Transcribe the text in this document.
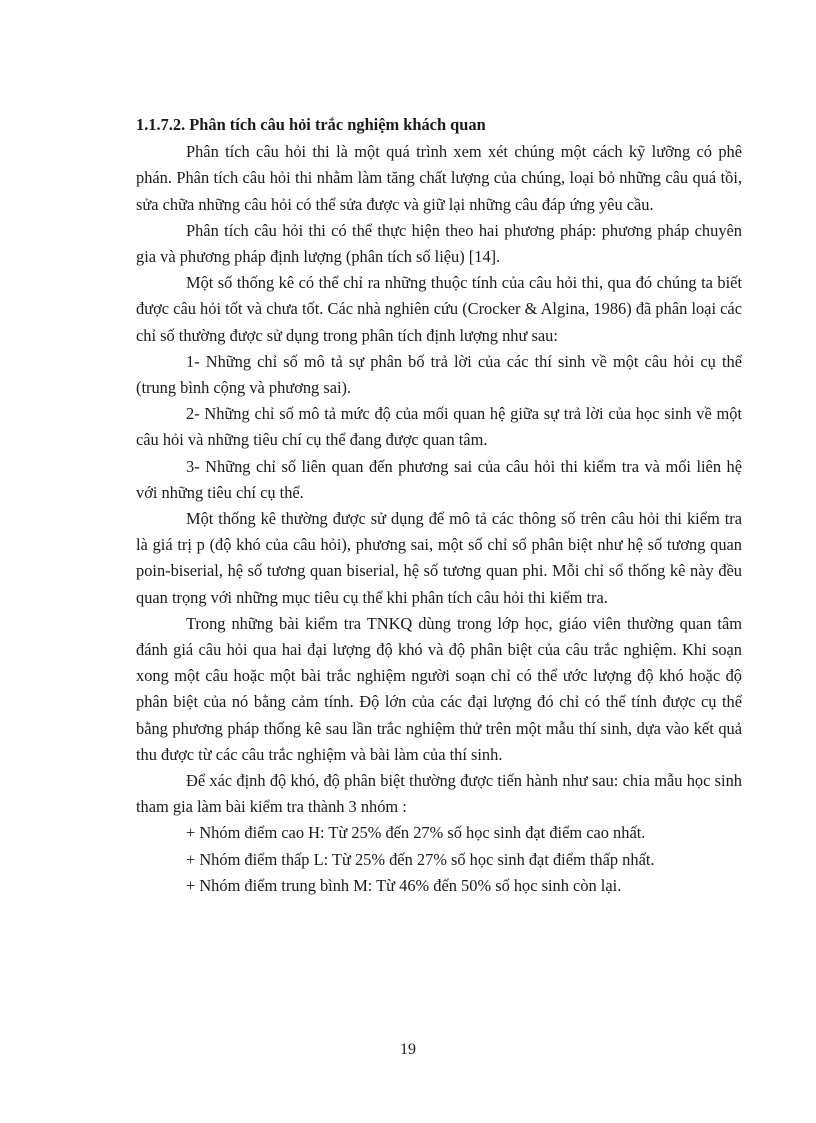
1.1.7.2. Phân tích câu hỏi trắc nghiệm khách quan

Phân tích câu hỏi thi là một quá trình xem xét chúng một cách kỹ lưỡng có phê phán. Phân tích câu hỏi thi nhằm làm tăng chất lượng của chúng, loại bỏ những câu quá tồi, sửa chữa những câu hỏi có thể sửa được và giữ lại những câu đáp ứng yêu cầu.

Phân tích câu hỏi thi có thể thực hiện theo hai phương pháp: phương pháp chuyên gia và phương pháp định lượng (phân tích số liệu) [14].

Một số thống kê có thể chỉ ra những thuộc tính của câu hỏi thi, qua đó chúng ta biết được câu hỏi tốt và chưa tốt. Các nhà nghiên cứu (Crocker & Algina, 1986) đã phân loại các chỉ số thường được sử dụng trong phân tích định lượng như sau:

1- Những chỉ số mô tả sự phân bố trả lời của các thí sinh về một câu hỏi cụ thể (trung bình cộng và phương sai).

2- Những chỉ số mô tả mức độ của mối quan hệ giữa sự trả lời của học sinh về một câu hỏi và những tiêu chí cụ thể đang được quan tâm.

3- Những chỉ số liên quan đến phương sai của câu hỏi thi kiểm tra và mối liên hệ với những tiêu chí cụ thể.

Một thống kê thường được sử dụng để mô tả các thông số trên câu hỏi thi kiểm tra là giá trị p (độ khó của câu hỏi), phương sai, một số chỉ số phân biệt như hệ số tương quan poin-biserial, hệ số tương quan biserial, hệ số tương quan phi. Mỗi chỉ số thống kê này đều quan trọng với những mục tiêu cụ thể khi phân tích câu hỏi thi kiểm tra.

Trong những bài kiểm tra TNKQ dùng trong lớp học, giáo viên thường quan tâm đánh giá câu hỏi qua hai đại lượng độ khó và độ phân biệt của câu trắc nghiệm. Khi soạn xong một câu hoặc một bài trắc nghiệm người soạn chỉ có thể ước lượng độ khó hoặc độ phân biệt của nó bằng cảm tính. Độ lớn của các đại lượng đó chỉ có thể tính được cụ thể bằng phương pháp thống kê sau lần trắc nghiệm thử trên một mẫu thí sinh, dựa vào kết quả thu được từ các câu trắc nghiệm và bài làm của thí sinh.

Để xác định độ khó, độ phân biệt thường được tiến hành như sau: chia mẫu học sinh tham gia làm bài kiểm tra thành 3 nhóm :

+ Nhóm điểm cao H: Từ 25% đến 27% số học sinh đạt điểm cao nhất.

+ Nhóm điểm thấp L: Từ 25% đến 27% số học sinh đạt điểm thấp nhất.

+ Nhóm điểm trung bình M: Từ 46% đến 50% số học sinh còn lại.

19
